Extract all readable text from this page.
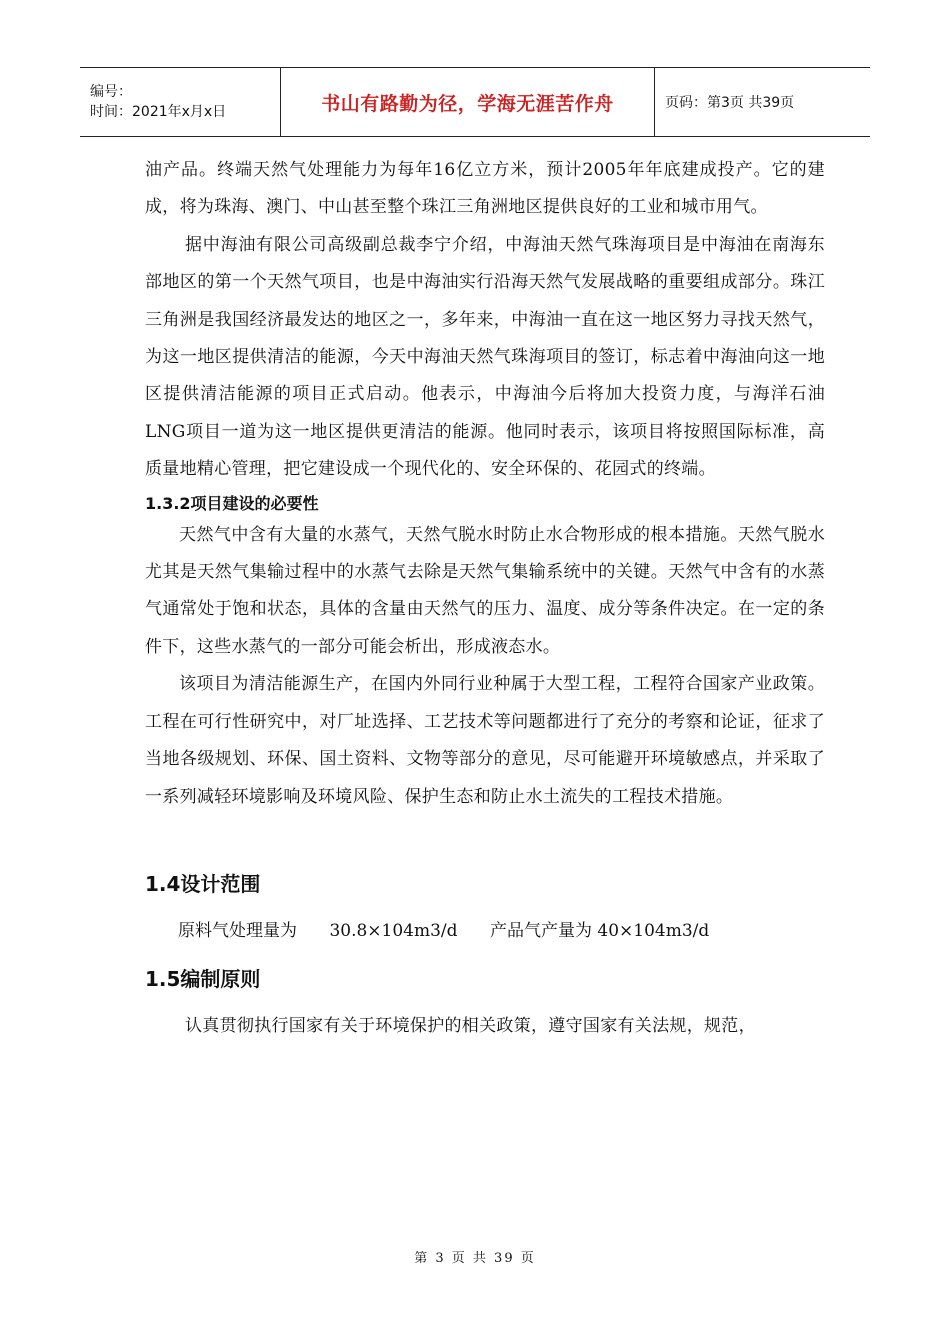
编号：
时间：2021年x月x日	书山有路勤为径，学海无涯苦作舟	页码：第3页 共39页

油产品。终端天然气处理能力为每年16亿立方米，预计2005年年底建成投产。它的建成，将为珠海、澳门、中山甚至整个珠江三角洲地区提供良好的工业和城市用气。

据中海油有限公司高级副总裁李宁介绍，中海油天然气珠海项目是中海油在南海东部地区的第一个天然气项目，也是中海油实行沿海天然气发展战略的重要组成部分。珠江三角洲是我国经济最发达的地区之一，多年来，中海油一直在这一地区努力寻找天然气，为这一地区提供清洁的能源，今天中海油天然气珠海项目的签订，标志着中海油向这一地区提供清洁能源的项目正式启动。他表示，中海油今后将加大投资力度，与海洋石油LNG项目一道为这一地区提供更清洁的能源。他同时表示，该项目将按照国际标准，高质量地精心管理，把它建设成一个现代化的、安全环保的、花园式的终端。

1.3.2项目建设的必要性

天然气中含有大量的水蒸气，天然气脱水时防止水合物形成的根本措施。天然气脱水尤其是天然气集输过程中的水蒸气去除是天然气集输系统中的关键。天然气中含有的水蒸气通常处于饱和状态，具体的含量由天然气的压力、温度、成分等条件决定。在一定的条件下，这些水蒸气的一部分可能会析出，形成液态水。

该项目为清洁能源生产，在国内外同行业种属于大型工程，工程符合国家产业政策。工程在可行性研究中，对厂址选择、工艺技术等问题都进行了充分的考察和论证，征求了当地各级规划、环保、国土资料、文物等部分的意见，尽可能避开环境敏感点，并采取了一系列减轻环境影响及环境风险、保护生态和防止水土流失的工程技术措施。

1.4设计范围
原料气处理量为 30.8×104m3/d 产品气产量为 40×104m3/d
1.5编制原则

认真贯彻执行国家有关于环境保护的相关政策，遵守国家有关法规，规范，

第 3 页 共 39 页
